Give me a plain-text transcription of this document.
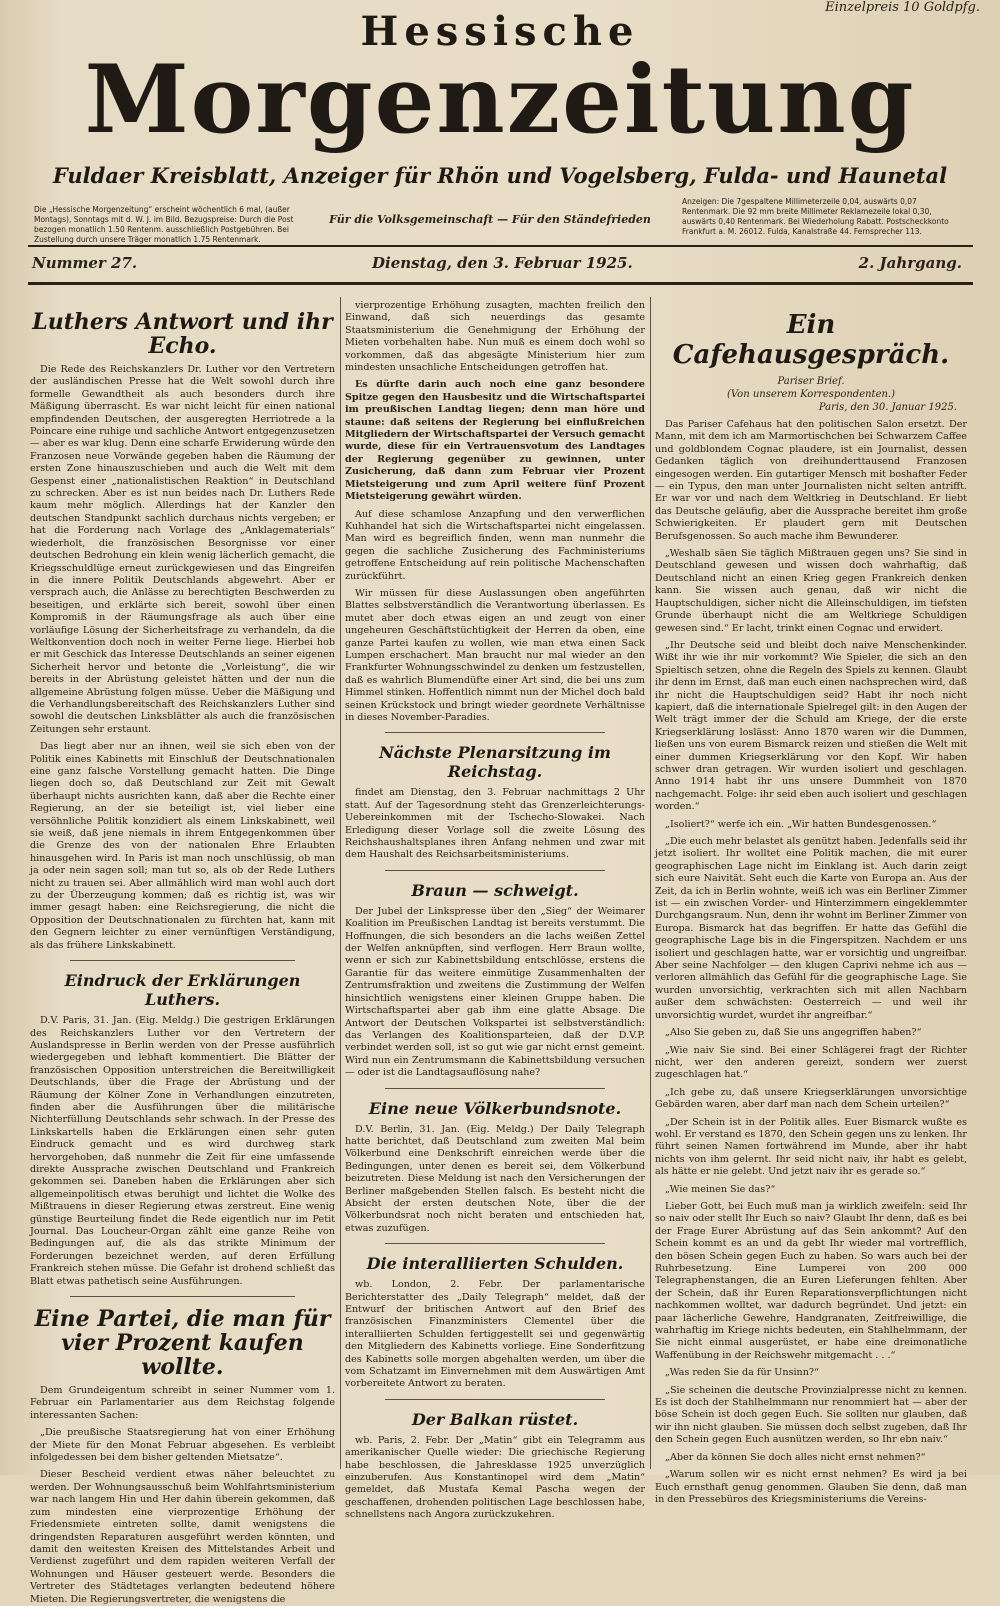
Einzelpreis 10 Goldpfg.
Hessische
Morgenzeitung
Fuldaer Kreisblatt, Anzeiger für Rhön und Vogelsberg, Fulda- und Haunetal
Die „Hessische Morgenzeitung“ erscheint wöchentlich 6 mal, (außer Montags), Sonntags mit d. W. J. im Bild. Bezugspreise: Durch die Post bezogen monatlich 1.50 Rentenm. ausschließlich Postgebühren. Bei Zustellung durch unsere Träger monatlich 1.75 Rentenmark.
Für die Volksgemeinschaft — Für den Ständefrieden
Anzeigen: Die 7gespaltene Millimeterzeile 0,04, auswärts 0,07 Rentenmark. Die 92 mm breite Millimeter Reklamezeile lokal 0,30, auswärts 0,40 Rentenmark. Bei Wiederholung Rabatt. Postscheckkonto Frankfurt a. M. 26012. Fulda, Kanalstraße 44. Fernsprecher 113.
Nummer 27.	Dienstag, den 3. Februar 1925.	2. Jahrgang.
Luthers Antwort und ihr Echo.

Die Rede des Reichskanzlers Dr. Luther vor den Vertretern der ausländischen Presse hat die Welt sowohl durch ihre formelle Gewandtheit als auch besonders durch ihre Mäßigung überrascht. Es war nicht leicht für einen national empfindenden Deutschen, der ausgeregten Herriotrede a la Poincare eine ruhige und sachliche Antwort entgegenzusetzen — aber es war klug. Denn eine scharfe Erwiderung würde den Franzosen neue Vorwände gegeben haben die Räumung der ersten Zone hinauszuschieben und auch die Welt mit dem Gespenst einer „nationalistischen Reaktion“ in Deutschland zu schrecken. Aber es ist nun beides nach Dr. Luthers Rede kaum mehr möglich. Allerdings hat der Kanzler den deutschen Standpunkt sachlich durchaus nichts vergeben; er hat die Forderung nach Vorlage des „Anklagematerials“ wiederholt, die französischen Besorgnisse vor einer deutschen Bedrohung ein klein wenig lächerlich gemacht, die Kriegsschuldlüge erneut zurückgewiesen und das Eingreifen in die innere Politik Deutschlands abgewehrt. Aber er versprach auch, die Anlässe zu berechtigten Beschwerden zu beseitigen, und erklärte sich bereit, sowohl über einen Kompromiß in der Räumungsfrage als auch über eine vorläufige Lösung der Sicherheitsfrage zu verhandeln, da die Weltkonvention doch noch in weiter Ferne liege. Hierbei hob er mit Geschick das Interesse Deutschlands an seiner eigenen Sicherheit hervor und betonte die „Vorleistung“, die wir bereits in der Abrüstung geleistet hätten und der nun die allgemeine Abrüstung folgen müsse. Ueber die Mäßigung und die Verhandlungsbereitschaft des Reichskanzlers Luther sind sowohl die deutschen Linksblätter als auch die französischen Zeitungen sehr erstaunt.

Das liegt aber nur an ihnen, weil sie sich eben von der Politik eines Kabinetts mit Einschluß der Deutschnationalen eine ganz falsche Vorstellung gemacht hatten. Die Dinge liegen doch so, daß Deutschland zur Zeit mit Gewalt überhaupt nichts ausrichten kann, daß aber die Rechte einer Regierung, an der sie beteiligt ist, viel lieber eine versöhnliche Politik konzidiert als einem Linkskabinett, weil sie weiß, daß jene niemals in ihrem Entgegenkommen über die Grenze des von der nationalen Ehre Erlaubten hinausgehen wird. In Paris ist man noch unschlüssig, ob man ja oder nein sagen soll; man tut so, als ob der Rede Luthers nicht zu trauen sei. Aber allmählich wird man wohl auch dort zu der Überzeugung kommen; daß es richtig ist, was wir immer gesagt haben: eine Reichsregierung, die nicht die Opposition der Deutschnationalen zu fürchten hat, kann mit den Gegnern leichter zu einer vernünftigen Verständigung, als das frühere Linkskabinett.

Eindruck der Erklärungen Luthers.

D.V. Paris, 31. Jan. (Eig. Meldg.) Die gestrigen Erklärungen des Reichskanzlers Luther vor den Vertretern der Auslandspresse in Berlin werden von der Presse ausführlich wiedergegeben und lebhaft kommentiert. Die Blätter der französischen Opposition unterstreichen die Bereitwilligkeit Deutschlands, über die Frage der Abrüstung und der Räumung der Kölner Zone in Verhandlungen einzutreten, finden aber die Ausführungen über die militärische Nichterfüllung Deutschlands sehr schwach. In der Presse des Linkskartells haben die Erklärungen einen sehr guten Eindruck gemacht und es wird durchweg stark hervorgehoben, daß nunmehr die Zeit für eine umfassende direkte Aussprache zwischen Deutschland und Frankreich gekommen sei. Daneben haben die Erklärungen aber sich allgemeinpolitisch etwas beruhigt und lichtet die Wolke des Mißtrauens in dieser Regierung etwas zerstreut. Eine wenig günstige Beurteilung findet die Rede eigentlich nur im Petit Journal. Das Loucheur-Organ zählt eine ganze Reihe von Bedingungen auf, die als das strikte Minimum der Forderungen bezeichnet werden, auf deren Erfüllung Frankreich stehen müsse. Die Gefahr ist drohend schließt das Blatt etwas pathetisch seine Ausführungen.

Eine Partei, die man für vier Prozent kaufen wollte.

Dem Grundeigentum schreibt in seiner Nummer vom 1. Februar ein Parlamentarier aus dem Reichstag folgende interessanten Sachen:

„Die preußische Staatsregierung hat von einer Erhöhung der Miete für den Monat Februar abgesehen. Es verbleibt infolgedessen bei dem bisher geltenden Mietsatze“.

Dieser Bescheid verdient etwas näher beleuchtet zu werden. Der Wohnungsausschuß beim Wohlfahrtsministerium war nach langem Hin und Her dahin überein gekommen, daß zum mindesten eine vierprozentige Erhöhung der Friedensmiete eintreten sollte, damit wenigstens die dringendsten Reparaturen ausgeführt werden könnten, und damit den weitesten Kreisen des Mittelstandes Arbeit und Verdienst zugeführt und dem rapiden weiteren Verfall der Wohnungen und Häuser gesteuert werde. Besonders die Vertreter des Städtetages verlangten bedeutend höhere Mieten. Die Regierungsvertreter, die wenigstens die

vierprozentige Erhöhung zusagten, machten freilich den Einwand, daß sich neuerdings das gesamte Staatsministerium die Genehmigung der Erhöhung der Mieten vorbehalten habe. Nun muß es einem doch wohl so vorkommen, daß das abgesägte Ministerium hier zum mindesten unsachliche Entscheidungen getroffen hat.

Es dürfte darin auch noch eine ganz besondere Spitze gegen den Hausbesitz und die Wirtschaftspartei im preußischen Landtag liegen; denn man höre und staune: daß seitens der Regierung bei einflußreichen Mitgliedern der Wirtschaftspartei der Versuch gemacht wurde, diese für ein Vertrauensvotum des Landtages der Regierung gegenüber zu gewinnen, unter Zusicherung, daß dann zum Februar vier Prozent Mietsteigerung und zum April weitere fünf Prozent Mietsteigerung gewährt würden.

Auf diese schamlose Anzapfung und den verwerflichen Kuhhandel hat sich die Wirtschaftspartei nicht eingelassen. Man wird es begreiflich finden, wenn man nunmehr die gegen die sachliche Zusicherung des Fachministeriums getroffene Entscheidung auf rein politische Machenschaften zurückführt.

Wir müssen für diese Auslassungen oben angeführten Blattes selbstverständlich die Verantwortung überlassen. Es mutet aber doch etwas eigen an und zeugt von einer ungeheuren Geschäftstüchtigkeit der Herren da oben, eine ganze Partei kaufen zu wollen, wie man etwa einen Sack Lumpen erschachert. Man braucht nur mal wieder an den Frankfurter Wohnungsschwindel zu denken um festzustellen, daß es wahrlich Blumendüfte einer Art sind, die bei uns zum Himmel stinken. Hoffentlich nimmt nun der Michel doch bald seinen Krückstock und bringt wieder geordnete Verhältnisse in dieses November-Paradies.

Nächste Plenarsitzung im Reichstag.

findet am Dienstag, den 3. Februar nachmittags 2 Uhr statt. Auf der Tagesordnung steht das Grenzerleichterungs-Uebereinkommen mit der Tschecho-Slowakei. Nach Erledigung dieser Vorlage soll die zweite Lösung des Reichshaushaltsplanes ihren Anfang nehmen und zwar mit dem Haushalt des Reichsarbeitsministeriums.

Braun — schweigt.

Der Jubel der Linkspresse über den „Sieg“ der Weimarer Koalition im Preußischen Landtag ist bereits verstummt. Die Hoffnungen, die sich besonders an die lachs weißen Zettel der Welfen anknüpften, sind verflogen. Herr Braun wollte, wenn er sich zur Kabinettsbildung entschlösse, erstens die Garantie für das weitere einmütige Zusammenhalten der Zentrumsfraktion und zweitens die Zustimmung der Welfen hinsichtlich wenigstens einer kleinen Gruppe haben. Die Wirtschaftspartei aber gab ihm eine glatte Absage. Die Antwort der Deutschen Volkspartei ist selbstverständlich: das Verlangen des Koalitionsparteien, daß der D.V.P. verbindet werden soll, ist so gut wie gar nicht ernst gemeint. Wird nun ein Zentrumsmann die Kabinettsbildung versuchen — oder ist die Landtagsauflösung nahe?

Eine neue Völkerbundsnote.

D.V. Berlin, 31. Jan. (Eig. Meldg.) Der Daily Telegraph hatte berichtet, daß Deutschland zum zweiten Mal beim Völkerbund eine Denkschrift einreichen werde über die Bedingungen, unter denen es bereit sei, dem Völkerbund beizutreten. Diese Meldung ist nach den Versicherungen der Berliner maßgebenden Stellen falsch. Es besteht nicht die Absicht der ersten deutschen Note, über die der Völkerbundsrat noch nicht beraten und entschieden hat, etwas zuzufügen.

Die interalliierten Schulden.

wb. London, 2. Febr. Der parlamentarische Berichterstatter des „Daily Telegraph“ meldet, daß der Entwurf der britischen Antwort auf den Brief des französischen Finanzministers Clementel über die interalliierten Schulden fertiggestellt sei und gegenwärtig den Mitgliedern des Kabinetts vorliege. Eine Sonderfitzung des Kabinetts solle morgen abgehalten werden, um über die vom Schatzamt im Einvernehmen mit dem Auswärtigen Amt vorbereitete Antwort zu beraten.

Der Balkan rüstet.

wb. Paris, 2. Febr. Der „Matin“ gibt ein Telegramm aus amerikanischer Quelle wieder: Die griechische Regierung habe beschlossen, die Jahresklasse 1925 unverzüglich einzuberufen. Aus Konstantinopel wird dem „Matin“ gemeldet, daß Mustafa Kemal Pascha wegen der geschaffenen, drohenden politischen Lage beschlossen habe, schnellstens nach Angora zurückzukehren.

Ein Cafehausgespräch.
Pariser Brief.
(Von unserem Korrespondenten.)
Paris, den 30. Januar 1925.

Das Pariser Cafehaus hat den politischen Salon ersetzt. Der Mann, mit dem ich am Marmortischchen bei Schwarzem Caffee und goldblondem Cognac plaudere, ist ein Journalist, dessen Gedanken täglich von dreihunderttausend Franzosen eingesogen werden. Ein gutartiger Mensch mit boshafter Feder — ein Typus, den man unter Journalisten nicht selten antrifft. Er war vor und nach dem Weltkrieg in Deutschland. Er liebt das Deutsche geläufig, aber die Aussprache bereitet ihm große Schwierigkeiten. Er plaudert gern mit Deutschen Berufsgenossen. So auch mache ihm Bewunderer.

„Weshalb säen Sie täglich Mißtrauen gegen uns? Sie sind in Deutschland gewesen und wissen doch wahrhaftig, daß Deutschland nicht an einen Krieg gegen Frankreich denken kann. Sie wissen auch genau, daß wir nicht die Hauptschuldigen, sicher nicht die Alleinschuldigen, im tiefsten Grunde überhaupt nicht die am Weltkriege Schuldigen gewesen sind.“ Er lacht, trinkt einen Cognac und erwidert.

„Ihr Deutsche seid und bleibt doch naive Menschenkinder. Wißt ihr wie ihr mir vorkommt? Wie Spieler, die sich an den Spieltisch setzen, ohne die Regeln des Spiels zu kennen. Glaubt ihr denn im Ernst, daß man euch einen nachsprechen wird, daß ihr nicht die Hauptschuldigen seid? Habt ihr noch nicht kapiert, daß die internationale Spielregel gilt: in den Augen der Welt trägt immer der die Schuld am Kriege, der die erste Kriegserklärung loslässt: Anno 1870 waren wir die Dummen, ließen uns von eurem Bismarck reizen und stießen die Welt mit einer dummen Kriegserklärung vor den Kopf. Wir haben schwer dran getragen. Wir wurden isoliert und geschlagen. Anno 1914 habt ihr uns unsere Dummheit von 1870 nachgemacht. Folge: ihr seid eben auch isoliert und geschlagen worden.“

„Isoliert?“ werfe ich ein. „Wir hatten Bundesgenossen.“

„Die euch mehr belastet als genützt haben. Jedenfalls seid ihr jetzt isoliert. Ihr wolltet eine Politik machen, die mit eurer geographischen Lage nicht im Einklang ist. Auch darin zeigt sich eure Naivität. Seht euch die Karte von Europa an. Aus der Zeit, da ich in Berlin wohnte, weiß ich was ein Berliner Zimmer ist — ein zwischen Vorder- und Hinterzimmern eingeklemmter Durchgangsraum. Nun, denn ihr wohnt im Berliner Zimmer von Europa. Bismarck hat das begriffen. Er hatte das Gefühl die geographische Lage bis in die Fingerspitzen. Nachdem er uns isoliert und geschlagen hatte, war er vorsichtig und ungreifbar. Aber seine Nachfolger — den klugen Caprivi nehme ich aus — verloren allmählich das Gefühl für die geographische Lage. Sie wurden unvorsichtig, verkrachten sich mit allen Nachbarn außer dem schwächsten: Oesterreich — und weil ihr unvorsichtig wurdet, wurdet ihr angreifbar.“

„Also Sie geben zu, daß Sie uns angegriffen haben?“

„Wie naiv Sie sind. Bei einer Schlägerei fragt der Richter nicht, wer den anderen gereizt, sondern wer zuerst zugeschlagen hat.“

„Ich gebe zu, daß unsere Kriegserklärungen unvorsichtige Gebärden waren, aber darf man nach dem Schein urteilen?“

„Der Schein ist in der Politik alles. Euer Bismarck wußte es wohl. Er verstand es 1870, den Schein gegen uns zu lenken. Ihr führt seinen Namen fortwährend im Munde, aber ihr habt nichts von ihm gelernt. Ihr seid nicht naiv, ihr habt es gelebt, als hätte er nie gelebt. Und jetzt naiv ihr es gerade so.“

„Wie meinen Sie das?“

Lieber Gott, bei Euch muß man ja wirklich zweifeln: seid Ihr so naiv oder stellt Ihr Euch so naiv? Glaubt Ihr denn, daß es bei der Frage Eurer Abrüstung auf das Sein ankommt? Auf den Schein kommt es an und da gebt Ihr wieder mal vortrefflich, den bösen Schein gegen Euch zu haben. So wars auch bei der Ruhrbesetzung. Eine Lumperei von 200 000 Telegraphenstangen, die an Euren Lieferungen fehlten. Aber der Schein, daß ihr Euren Reparationsverpflichtungen nicht nachkommen wolltet, war dadurch begründet. Und jetzt: ein paar lächerliche Gewehre, Handgranaten, Zeitfreiwillige, die wahrhaftig im Kriege nichts bedeuten, ein Stahlhelmmann, der Sie nicht einmal ausgerüstet, er habe eine dreimonatliche Waffenübung in der Reichswehr mitgemacht . . .“

„Was reden Sie da für Unsinn?“

„Sie scheinen die deutsche Provinzialpresse nicht zu kennen. Es ist doch der Stahlhelmmann nur renommiert hat — aber der böse Schein ist doch gegen Euch. Sie sollten nur glauben, daß wir ihn nicht glauben. Sie müssen doch selbst zugeben, daß Ihr den Schein gegen Euch ausnützen werden, so Ihr ebn naiv.“

„Aber da können Sie doch alles nicht ernst nehmen?“

„Warum sollen wir es nicht ernst nehmen? Es wird ja bei Euch ernsthaft genug genommen. Glauben Sie denn, daß man in den Pressebüros des Kriegsministeriums die Vereins-
